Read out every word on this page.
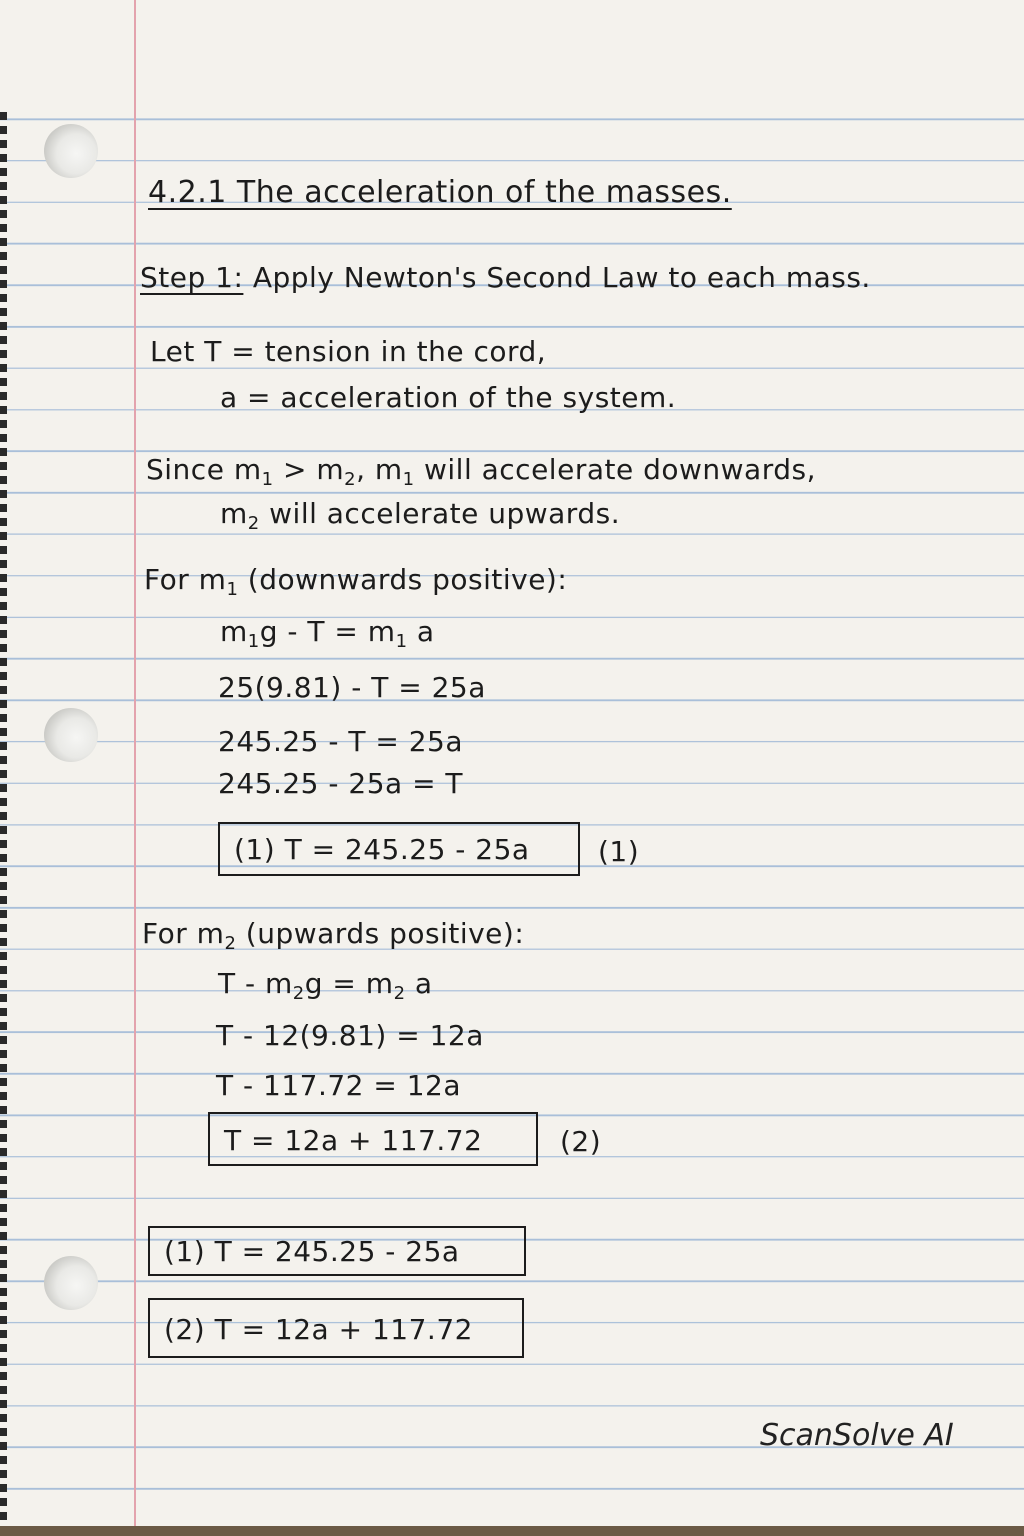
4.2.1 The acceleration of the masses.
Step 1: Apply Newton's Second Law to each mass.
Let T = tension in the cord,
a = acceleration of the system.
Since $m_1 > m_2$, $m_1$ will accelerate downwards,
$m_2$ will accelerate upwards.
For $m_1$ (downwards positive):
$m_1g - T = m_1$ a
25(9.81) - T = 25a
245.25 - T = 25a
245.25 - 25a = T
(1) T = 245.25 - 25a (1)
For $m_2$ (upwards positive):
$T - m_2g = m_2$ a
T - 12(9.81) = 12a
T - 117.72 = 12a
T = 12a + 117.72	(2)
(1) T = 245.25 - 25a
(2) T = 12a + 117.72
ScanSolve AI
